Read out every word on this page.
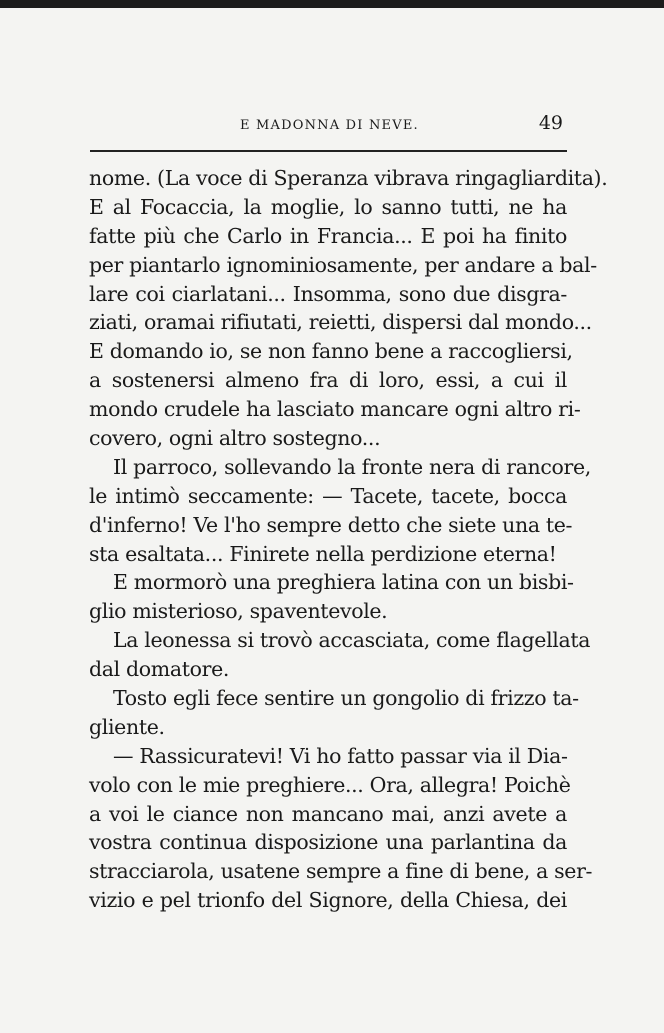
E MADONNA DI NEVE.	49
nome. (La voce di Speranza vibrava ringagliardita).
E al Focaccia, la moglie, lo sanno tutti, ne ha
fatte più che Carlo in Francia... E poi ha finito
per piantarlo ignominiosamente, per andare a bal-
lare coi ciarlatani... Insomma, sono due disgra-
ziati, oramai rifiutati, reietti, dispersi dal mondo...
E domando io, se non fanno bene a raccogliersi,
a sostenersi almeno fra di loro, essi, a cui il
mondo crudele ha lasciato mancare ogni altro ri-
covero, ogni altro sostegno...
Il parroco, sollevando la fronte nera di rancore,
le intimò seccamente: — Tacete, tacete, bocca
d'inferno! Ve l'ho sempre detto che siete una te-
sta esaltata... Finirete nella perdizione eterna!
E mormorò una preghiera latina con un bisbi-
glio misterioso, spaventevole.
La leonessa si trovò accasciata, come flagellata
dal domatore.
Tosto egli fece sentire un gongolio di frizzo ta-
gliente.
— Rassicuratevi! Vi ho fatto passar via il Dia-
volo con le mie preghiere... Ora, allegra! Poichè
a voi le ciance non mancano mai, anzi avete a
vostra continua disposizione una parlantina da
stracciarola, usatene sempre a fine di bene, a ser-
vizio e pel trionfo del Signore, della Chiesa, dei
